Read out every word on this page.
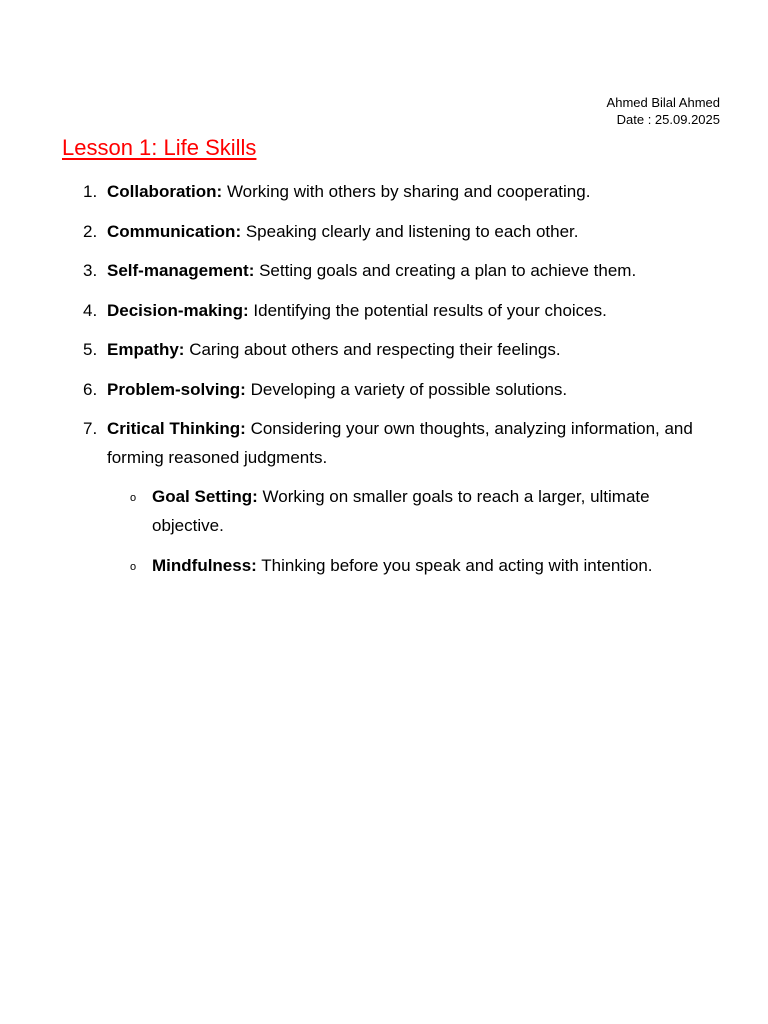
Ahmed Bilal Ahmed
Date : 25.09.2025
Lesson 1: Life Skills
1. Collaboration: Working with others by sharing and cooperating.
2. Communication: Speaking clearly and listening to each other.
3. Self-management: Setting goals and creating a plan to achieve them.
4. Decision-making: Identifying the potential results of your choices.
5. Empathy: Caring about others and respecting their feelings.
6. Problem-solving: Developing a variety of possible solutions.
7. Critical Thinking: Considering your own thoughts, analyzing information, and forming reasoned judgments.
o Goal Setting: Working on smaller goals to reach a larger, ultimate objective.
o Mindfulness: Thinking before you speak and acting with intention.
